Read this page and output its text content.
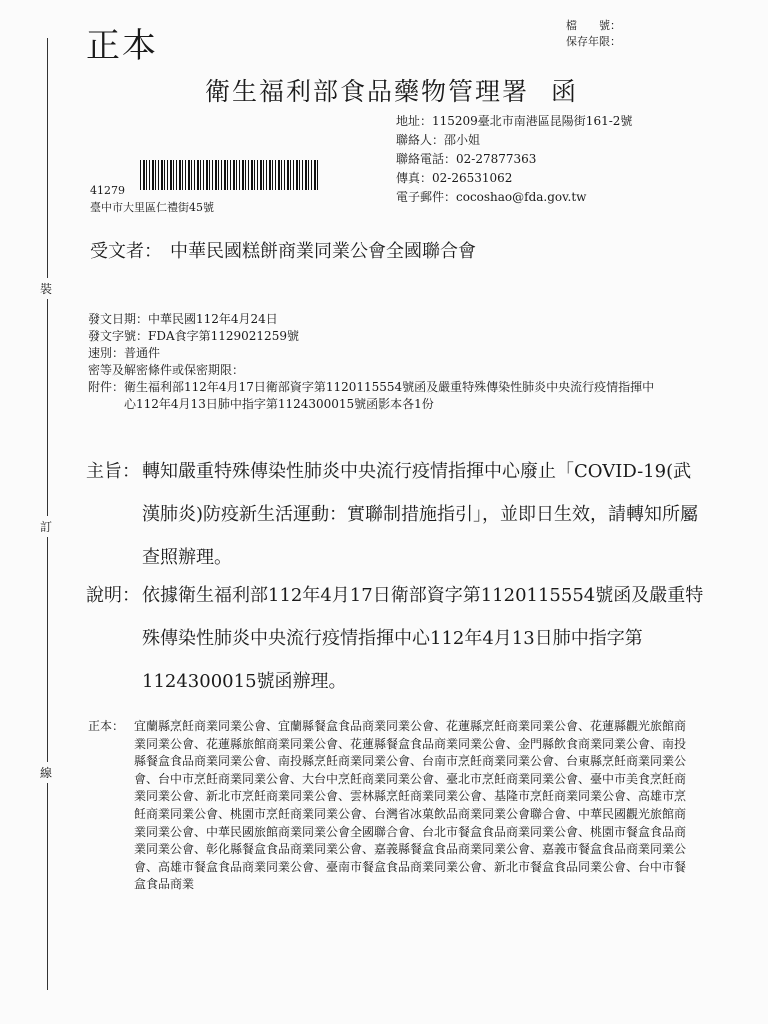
裝
訂
線
正本
檔　　號：
保存年限：
衛生福利部食品藥物管理署 函
地址：115209臺北市南港區昆陽街161-2號
聯絡人：邵小姐
聯絡電話：02-27877363
傳真：02-26531062
電子郵件：cocoshao@fda.gov.tw
41279
臺中市大里區仁禮街45號
受文者： 中華民國糕餅商業同業公會全國聯合會
發文日期：中華民國112年4月24日
發文字號：FDA食字第1129021259號
速別：普通件
密等及解密條件或保密期限：
附件： 衛生福利部112年4月17日衛部資字第1120115554號函及嚴重特殊傳染性肺炎中央流行疫情指揮中心112年4月13日肺中指字第1124300015號函影本各1份
主旨： 轉知嚴重特殊傳染性肺炎中央流行疫情指揮中心廢止「COVID-19(武漢肺炎)防疫新生活運動：實聯制措施指引」，並即日生效，請轉知所屬查照辦理。
說明： 依據衛生福利部112年4月17日衛部資字第1120115554號函及嚴重特殊傳染性肺炎中央流行疫情指揮中心112年4月13日肺中指字第1124300015號函辦理。
正本： 宜蘭縣烹飪商業同業公會、宜蘭縣餐盒食品商業同業公會、花蓮縣烹飪商業同業公會、花蓮縣觀光旅館商業同業公會、花蓮縣旅館商業同業公會、花蓮縣餐盒食品商業同業公會、金門縣飲食商業同業公會、南投縣餐盒食品商業同業公會、南投縣烹飪商業同業公會、台南市烹飪商業同業公會、台東縣烹飪商業同業公會、台中市烹飪商業同業公會、大台中烹飪商業同業公會、臺北市烹飪商業同業公會、臺中市美食烹飪商業同業公會、新北市烹飪商業同業公會、雲林縣烹飪商業同業公會、基隆市烹飪商業同業公會、高雄市烹飪商業同業公會、桃園市烹飪商業同業公會、台灣省冰菓飲品商業同業公會聯合會、中華民國觀光旅館商業同業公會、中華民國旅館商業同業公會全國聯合會、台北市餐盒食品商業同業公會、桃園市餐盒食品商業同業公會、彰化縣餐盒食品商業同業公會、嘉義縣餐盒食品商業同業公會、嘉義市餐盒食品商業同業公會、高雄市餐盒食品商業同業公會、臺南市餐盒食品商業同業公會、新北市餐盒食品同業公會、台中市餐盒食品商業
